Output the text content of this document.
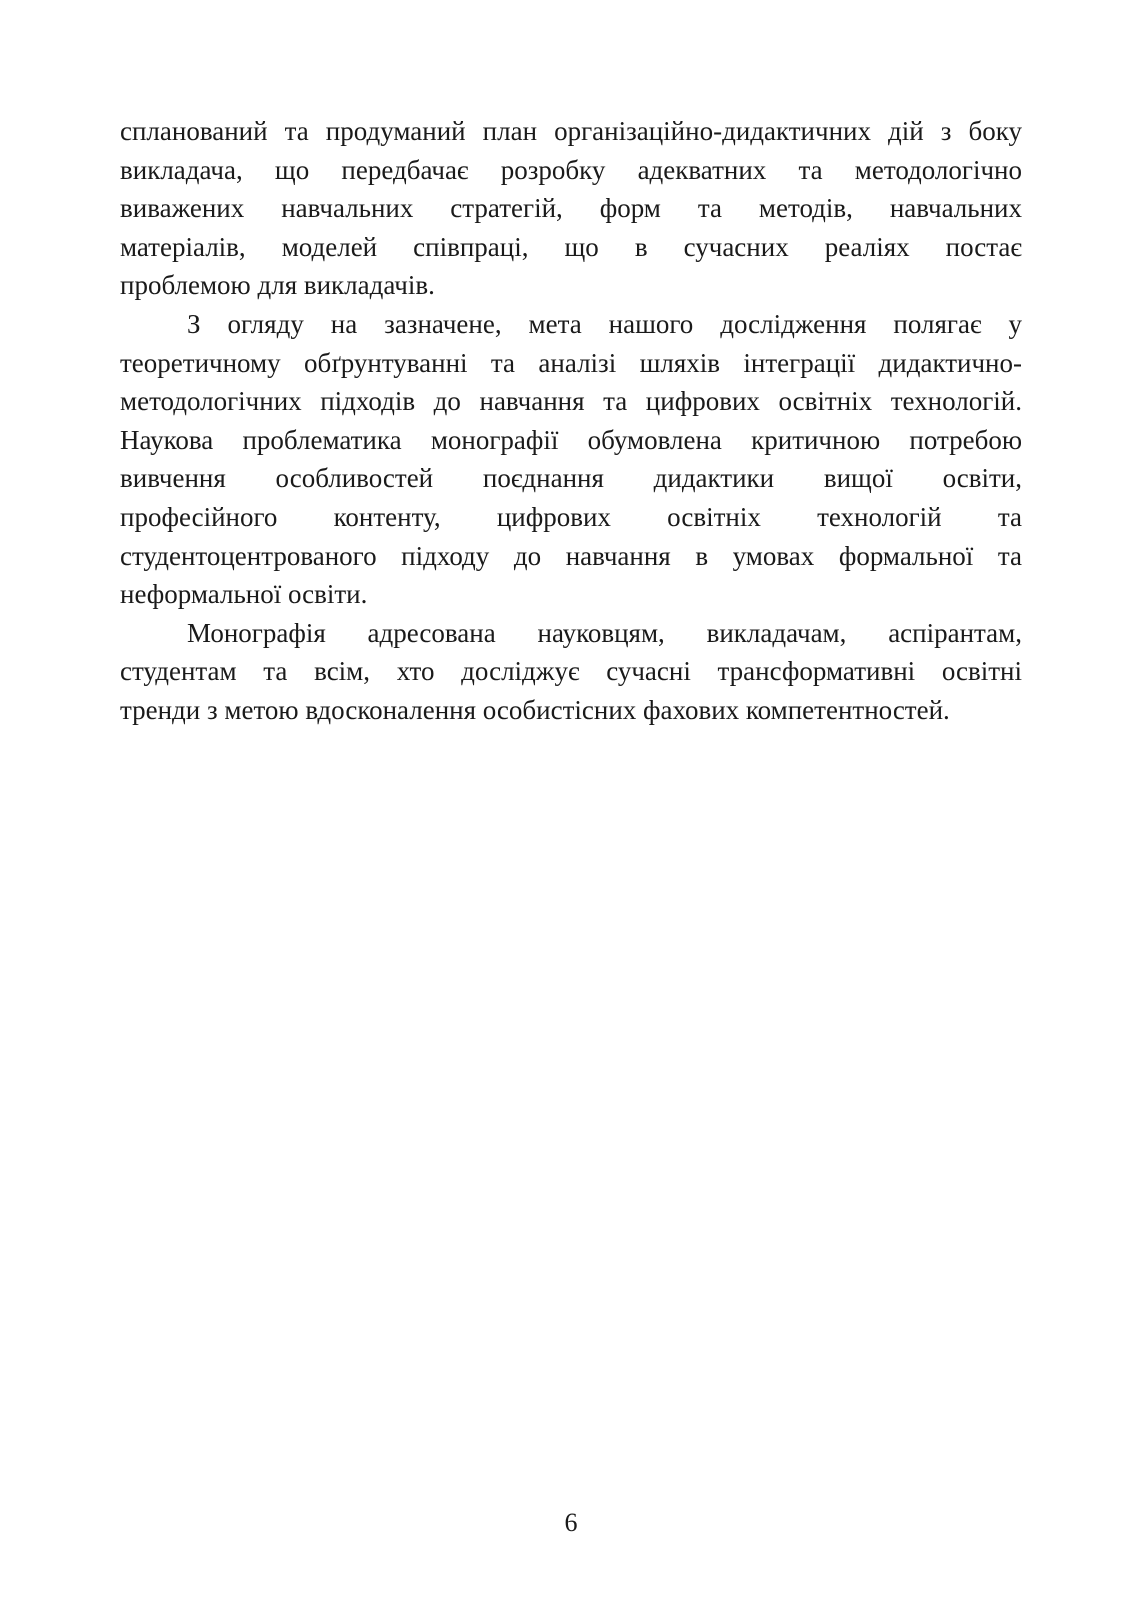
спланований та продуманий план організаційно-дидактичних дій з боку
викладача, що передбачає розробку адекватних та методологічно
виважених навчальних стратегій, форм та методів, навчальних
матеріалів, моделей співпраці, що в сучасних реаліях постає
проблемою для викладачів.
З огляду на зазначене, мета нашого дослідження полягає у
теоретичному обґрунтуванні та аналізі шляхів інтеграції дидактично-
методологічних підходів до навчання та цифрових освітніх технологій.
Наукова проблематика монографії обумовлена критичною потребою
вивчення особливостей поєднання дидактики вищої освіти,
професійного контенту, цифрових освітніх технологій та
студентоцентрованого підходу до навчання в умовах формальної та
неформальної освіти.
Монографія адресована науковцям, викладачам, аспірантам,
студентам та всім, хто досліджує сучасні трансформативні освітні
тренди з метою вдосконалення особистісних фахових компетентностей.
6
